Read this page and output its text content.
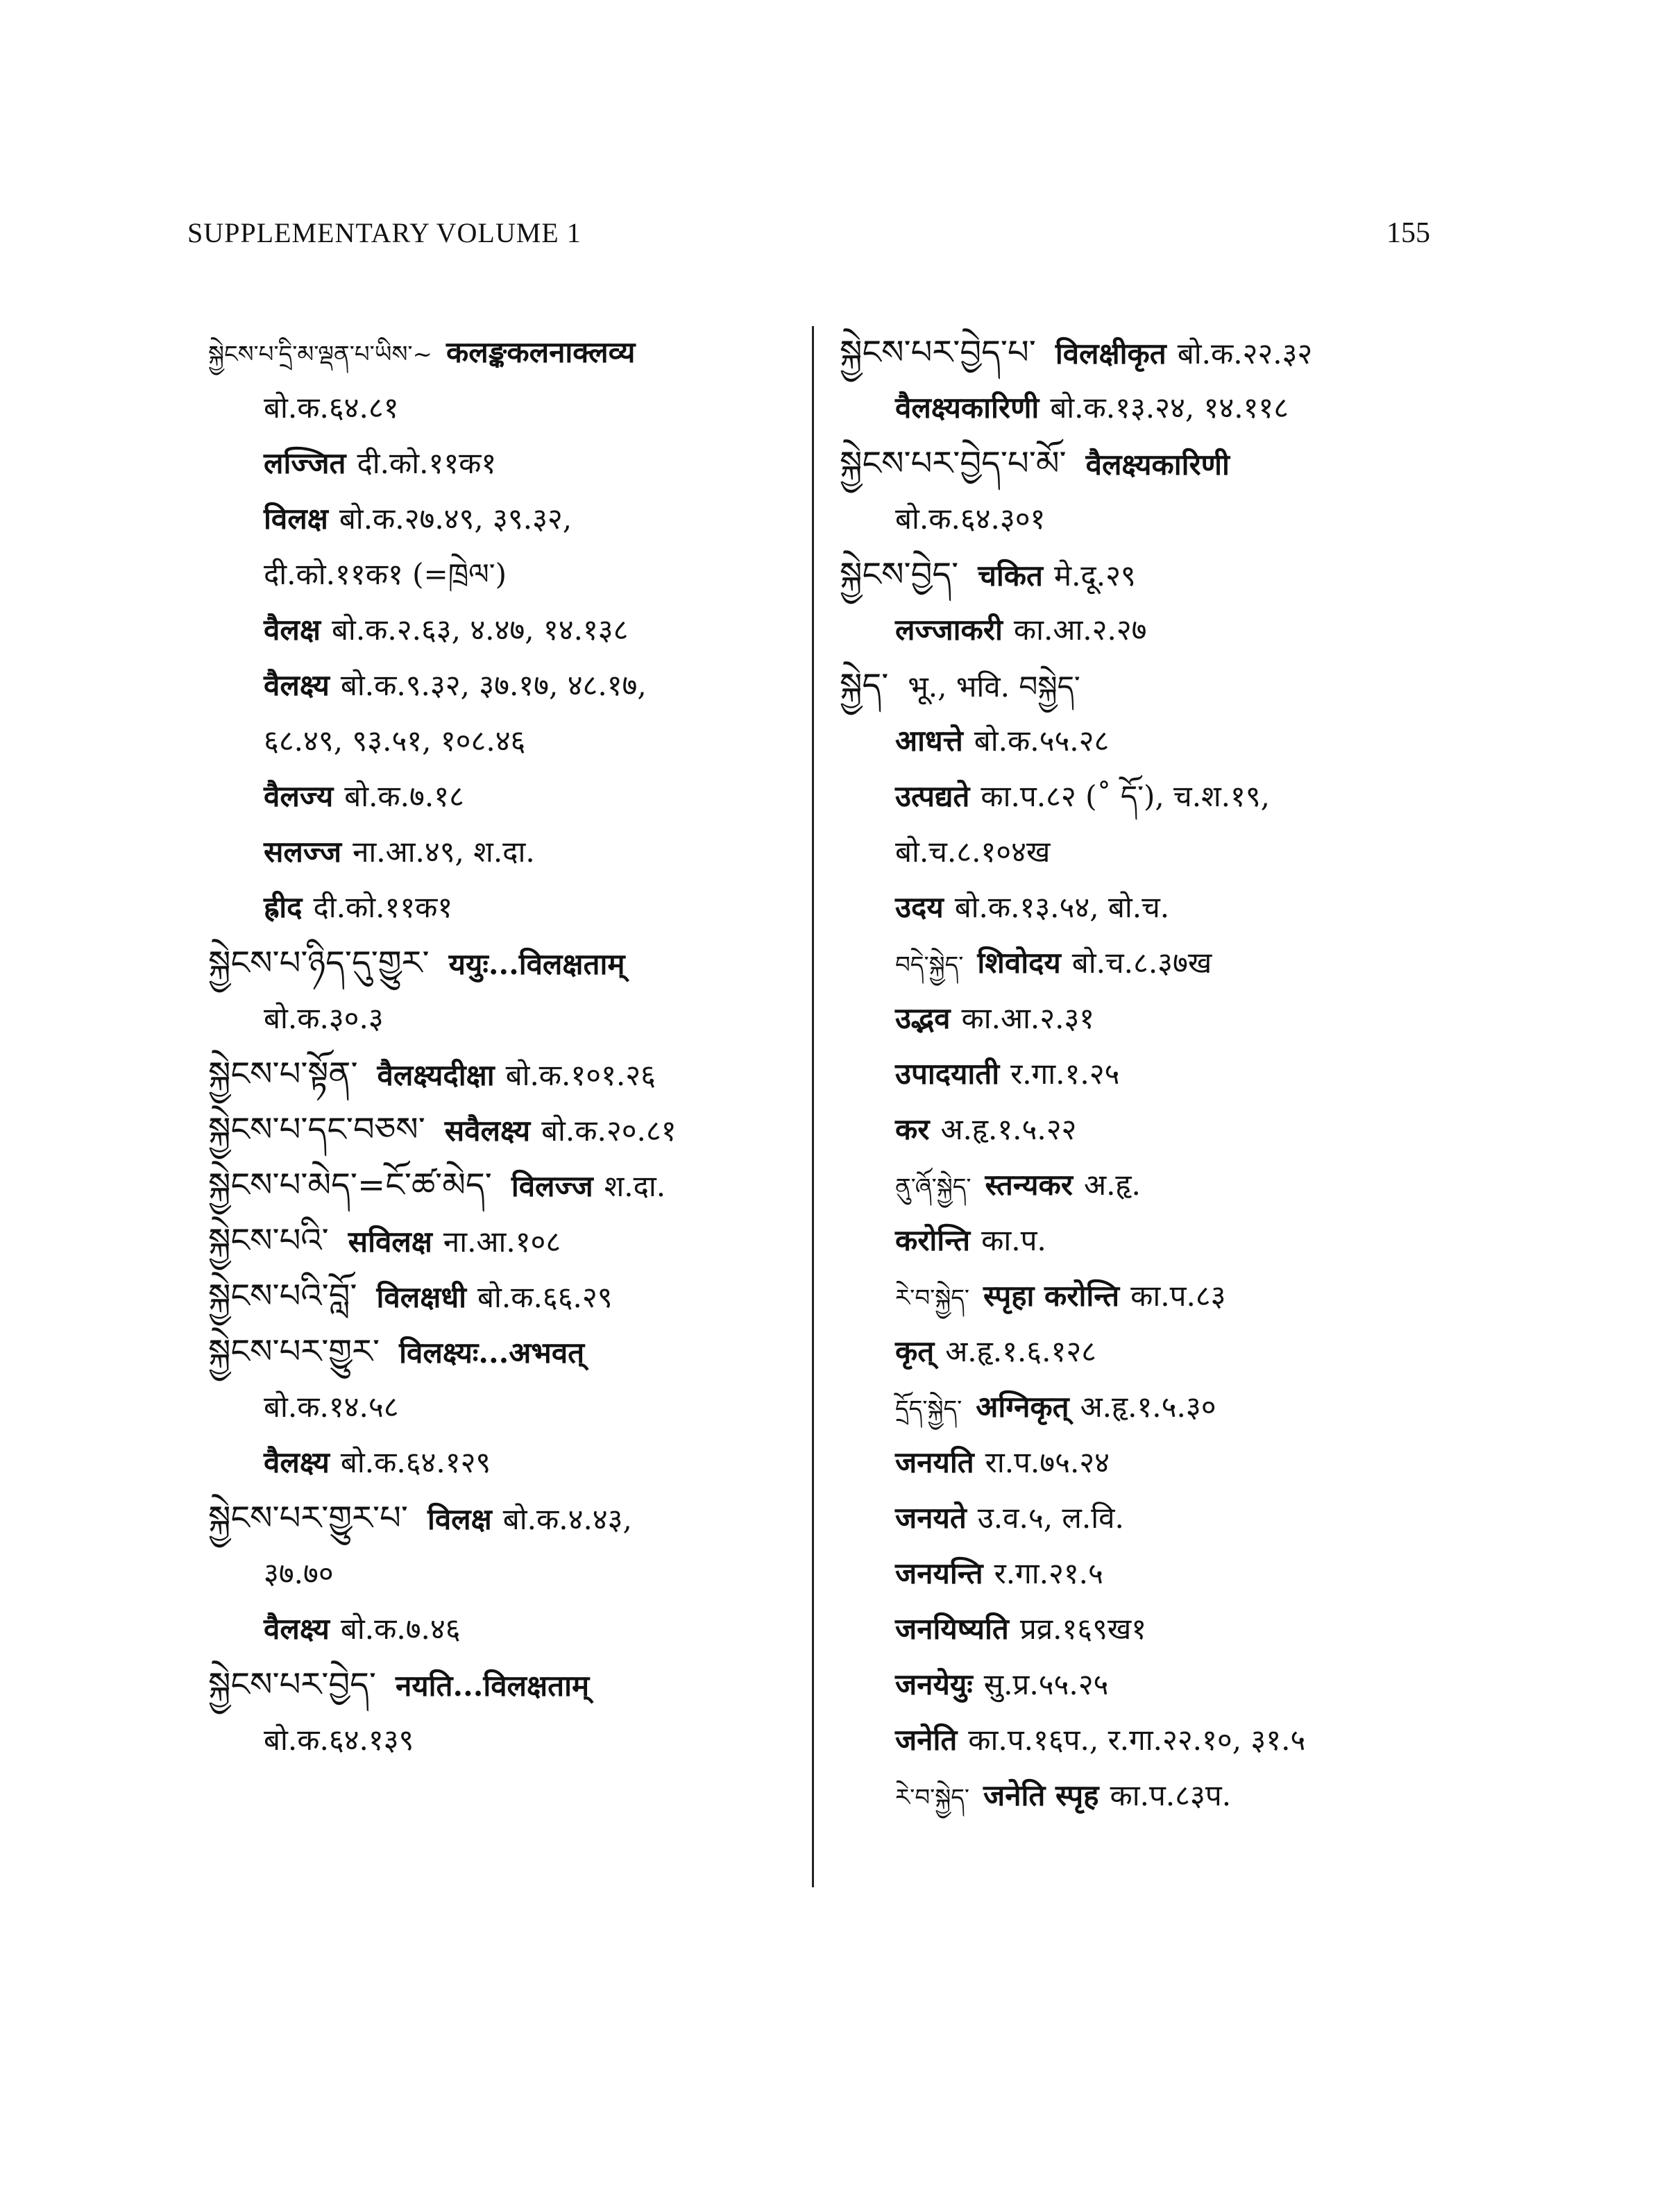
SUPPLEMENTARY VOLUME 1	155
སྐྱེངས་པ་དྲི་མ་ལྡན་པ་ཡིས་~ कलङ्ककलनाक्लव्य
बो.क.६४.८१
लज्जित दी.को.११क१
विलक्ष बो.क.२७.४९, ३९.३२,
दी.को.११क१ (=ཁྲེལ་)
वैलक्ष बो.क.२.६३, ४.४७, १४.१३८
वैलक्ष्य बो.क.९.३२, ३७.१७, ४८.१७,
६८.४९, ९३.५१, १०८.४६
वैलज्य बो.क.७.१८
सलज्ज ना.आ.४९, श.दा.
ह्रीद दी.को.११क१
སྐྱེངས་པ་ཉིད་དུ་གྱུར་ ययुः...विलक्षताम्
बो.क.३०.३
སྐྱེངས་པ་སྟོན་ वैलक्ष्यदीक्षा बो.क.१०१.२६
སྐྱེངས་པ་དང་བཅས་ सवैलक्ष्य बो.क.२०.८१
སྐྱེངས་པ་མེད་=ངོ་ཚ་མེད་ विलज्ज श.दा.
སྐྱེངས་པའི་ सविलक्ष ना.आ.१०८
སྐྱེངས་པའི་བློ་ विलक्षधी बो.क.६६.२९
སྐྱེངས་པར་གྱུར་ विलक्ष्यः...अभवत्
बो.क.१४.५८
वैलक्ष्य बो.क.६४.१२९
སྐྱེངས་པར་གྱུར་པ་ विलक्ष बो.क.४.४३,
३७.७०
वैलक्ष्य बो.क.७.४६
སྐྱེངས་པར་བྱེད་ नयति...विलक्षताम्
बो.क.६४.१३९
སྐྱེངས་པར་བྱེད་པ་ विलक्षीकृत बो.क.२२.३२
वैलक्ष्यकारिणी बो.क.१३.२४, १४.११८
སྐྱེངས་པར་བྱེད་པ་མོ་ वैलक्ष्यकारिणी
बो.क.६४.३०१
སྐྱེངས་བྱེད་ चकित मे.दू.२९
लज्जाकरी का.आ.२.२७
སྐྱེད་ भू., भवि. བསྐྱེད་
आधत्ते बो.क.५५.२८
उत्पद्यते का.प.८२ (˚ དོ་), च.श.१९,
बो.च.८.१०४ख
उदय बो.क.१३.५४, बो.च.
བདེ་སྐྱེད་ शिवोदय बो.च.८.३७ख
उद्भव का.आ.२.३१
उपादयाती र.गा.१.२५
कर अ.हृ.१.५.२२
ནུ་ཞོ་སྐྱེད་ स्तन्यकर अ.हृ.
करोन्ति का.प.
རེ་བ་སྐྱེད་ स्पृहा करोन्ति का.प.८३
कृत् अ.हृ.१.६.१२८
དྲོད་སྐྱེད་ अग्निकृत् अ.हृ.१.५.३०
जनयति रा.प.७५.२४
जनयते उ.व.५, ल.वि.
जनयन्ति र.गा.२१.५
जनयिष्यति प्रव्र.१६९ख१
जनयेयुः सु.प्र.५५.२५
जनेति का.प.१६प., र.गा.२२.१०, ३१.५
རེ་བ་སྐྱེད་ जनेति स्पृह का.प.८३प.
